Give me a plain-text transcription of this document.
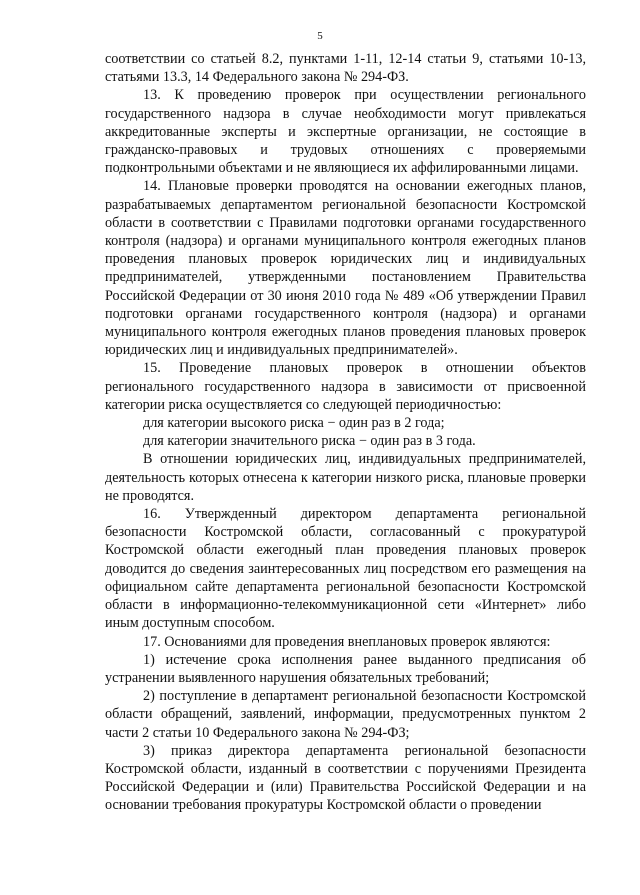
5

соответствии со статьей 8.2, пунктами 1-11, 12-14 статьи 9, статьями 10-13, статьями 13.3, 14 Федерального закона № 294-ФЗ.

13. К проведению проверок при осуществлении регионального государственного надзора в случае необходимости могут привлекаться аккредитованные эксперты и экспертные организации, не состоящие в гражданско-правовых и трудовых отношениях с проверяемыми подконтрольными объектами и не являющиеся их аффилированными лицами.

14. Плановые проверки проводятся на основании ежегодных планов, разрабатываемых департаментом региональной безопасности Костромской области в соответствии с Правилами подготовки органами государственного контроля (надзора) и органами муниципального контроля ежегодных планов проведения плановых проверок юридических лиц и индивидуальных предпринимателей, утвержденными постановлением Правительства Российской Федерации от 30 июня 2010 года № 489 «Об утверждении Правил подготовки органами государственного контроля (надзора) и органами муниципального контроля ежегодных планов проведения плановых проверок юридических лиц и индивидуальных предпринимателей».

15. Проведение плановых проверок в отношении объектов регионального государственного надзора в зависимости от присвоенной категории риска осуществляется со следующей периодичностью:

для категории высокого риска − один раз в 2 года;

для категории значительного риска − один раз в 3 года.

В отношении юридических лиц, индивидуальных предпринимателей, деятельность которых отнесена к категории низкого риска, плановые проверки не проводятся.

16. Утвержденный директором департамента региональной безопасности Костромской области, согласованный с прокуратурой Костромской области ежегодный план проведения плановых проверок доводится до сведения заинтересованных лиц посредством его размещения на официальном сайте департамента региональной безопасности Костромской области в информационно-телекоммуникационной сети «Интернет» либо иным доступным способом.

17. Основаниями для проведения внеплановых проверок являются:

1) истечение срока исполнения ранее выданного предписания об устранении выявленного нарушения обязательных требований;

2) поступление в департамент региональной безопасности Костромской области обращений, заявлений, информации, предусмотренных пунктом 2 части 2 статьи 10 Федерального закона № 294-ФЗ;

3) приказ директора департамента региональной безопасности Костромской области, изданный в соответствии с поручениями Президента Российской Федерации и (или) Правительства Российской Федерации и на основании требования прокуратуры Костромской области о проведении
